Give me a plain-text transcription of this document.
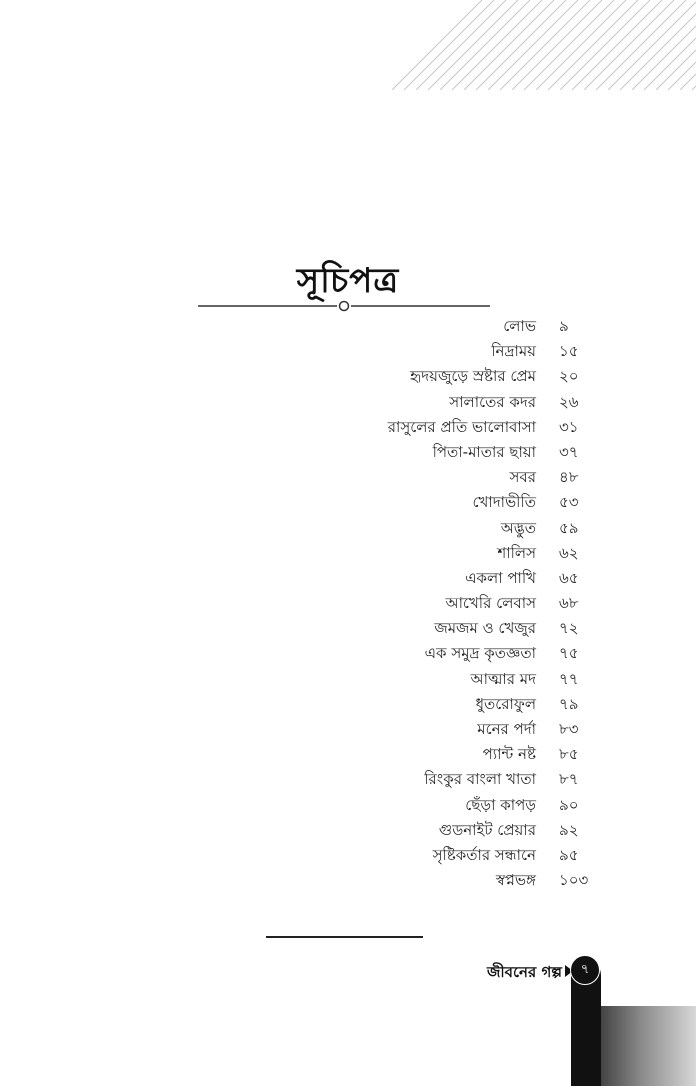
সূচিপত্র
লোভ ৯
নিদ্রাময় ১৫
হৃদয়জুড়ে স্রষ্টার প্রেম ২০
সালাতের কদর ২৬
রাসুলের প্রতি ভালোবাসা ৩১
পিতা-মাতার ছায়া ৩৭
সবর ৪৮
খোদাভীতি ৫৩
অদ্ভুত ৫৯
শালিস ৬২
একলা পাখি ৬৫
আখেরি লেবাস ৬৮
জমজম ও খেজুর ৭২
এক সমুদ্র কৃতজ্ঞতা ৭৫
আত্মার মদ ৭৭
ধুতরোফুল ৭৯
মনের পর্দা ৮৩
প্যান্ট নষ্ট ৮৫
রিংকুর বাংলা খাতা ৮৭
ছেঁড়া কাপড় ৯০
গুডনাইট প্রেয়ার ৯২
সৃষ্টিকর্তার সন্ধানে ৯৫
স্বপ্নভঙ্গ ১০৩
জীবনের গল্প	৭
